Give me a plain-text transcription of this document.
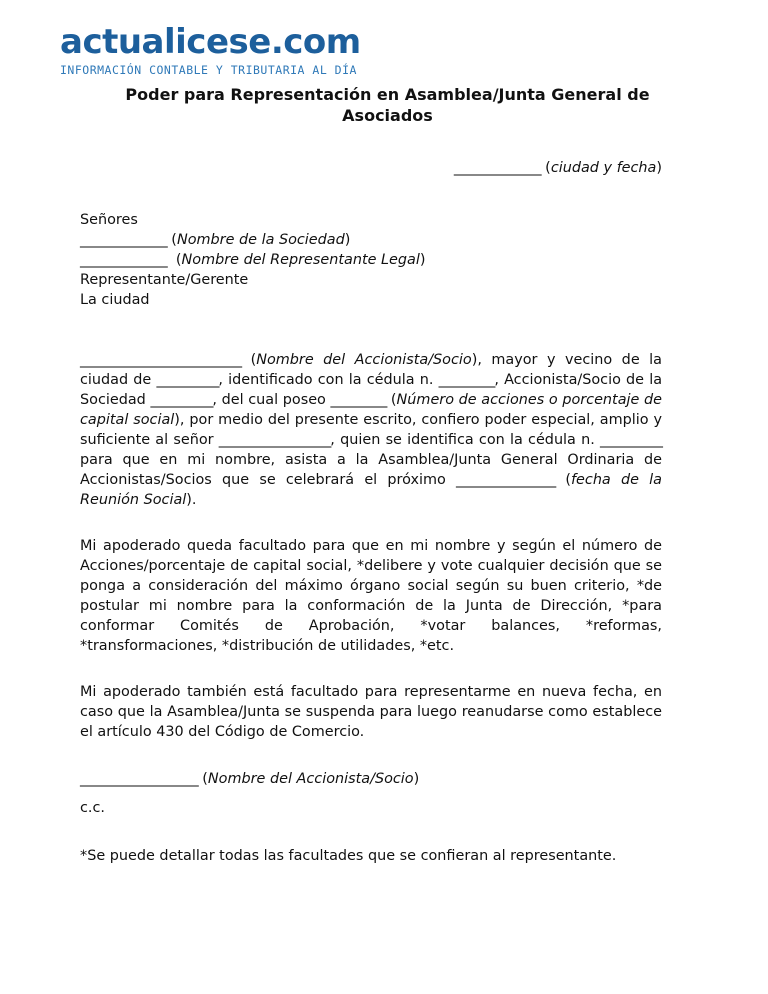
actualicese.com
INFORMACIÓN CONTABLE Y TRIBUTARIA AL DÍA
Poder para Representación en Asamblea/Junta General de Asociados
______________ (ciudad y fecha)

Señores

______________ (Nombre de la Sociedad)

______________  (Nombre del Representante Legal)

Representante/Gerente

La ciudad

__________________________ (Nombre del Accionista/Socio), mayor y vecino de la ciudad de __________, identificado con la cédula n. _________, Accionista/Socio de la Sociedad __________, del cual poseo _________ (Número de acciones o porcentaje de capital social), por medio del presente escrito, confiero poder especial, amplio y suficiente al señor __________________, quien se identifica con la cédula n. __________ para que en mi nombre, asista a la Asamblea/Junta General Ordinaria de Accionistas/Socios que se celebrará el próximo ________________ (fecha de la Reunión Social).
Mi apoderado queda facultado para que en mi nombre y según el número de Acciones/porcentaje de capital social, *delibere y vote cualquier decisión que se ponga a consideración del máximo órgano social según su buen criterio, *de postular mi nombre para la conformación de la Junta de Dirección, *para conformar Comités de Aprobación, *votar balances, *reformas, *transformaciones, *distribución de utilidades, *etc.
Mi apoderado también está facultado para representarme en nueva fecha, en caso que la Asamblea/Junta se suspenda para luego reanudarse como establece el artículo 430 del Código de Comercio.

___________________ (Nombre del Accionista/Socio)

c.c.

*Se puede detallar todas las facultades que se confieran al representante.
